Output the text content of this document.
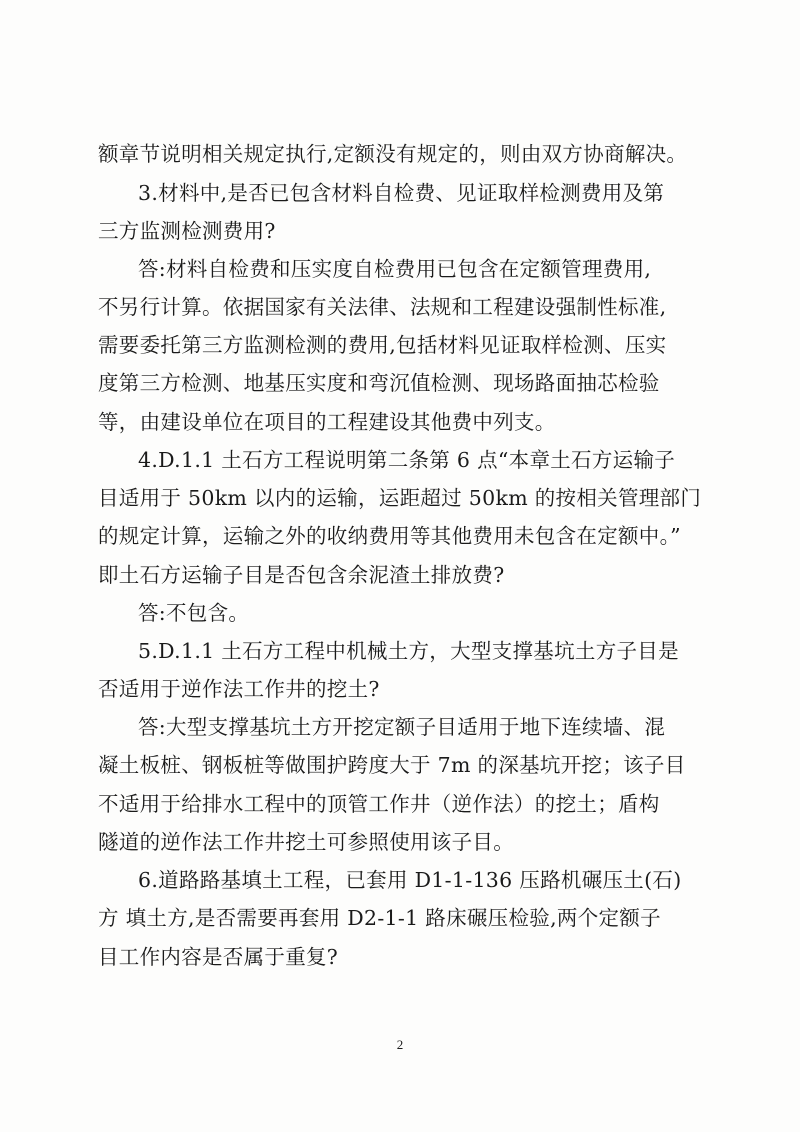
额章节说明相关规定执行,定额没有规定的，则由双方协商解决。
3.材料中,是否已包含材料自检费、见证取样检测费用及第
三方监测检测费用?
答:材料自检费和压实度自检费用已包含在定额管理费用,
不另行计算。依据国家有关法律、法规和工程建设强制性标准,
需要委托第三方监测检测的费用,包括材料见证取样检测、压实
度第三方检测、地基压实度和弯沉值检测、现场路面抽芯检验
等，由建设单位在项目的工程建设其他费中列支。
4.D.1.1 土石方工程说明第二条第 6 点“本章土石方运输子
目适用于 50km 以内的运输，运距超过 50km 的按相关管理部门
的规定计算，运输之外的收纳费用等其他费用未包含在定额中。”
即土石方运输子目是否包含余泥渣土排放费?
答:不包含。
5.D.1.1 土石方工程中机械土方，大型支撑基坑土方子目是
否适用于逆作法工作井的挖土?
答:大型支撑基坑土方开挖定额子目适用于地下连续墙、混
凝土板桩、钢板桩等做围护跨度大于 7m 的深基坑开挖；该子目
不适用于给排水工程中的顶管工作井（逆作法）的挖土；盾构
隧道的逆作法工作井挖土可参照使用该子目。
6.道路路基填土工程，已套用 D1-1-136 压路机碾压土(石)
方 填土方,是否需要再套用 D2-1-1 路床碾压检验,两个定额子
目工作内容是否属于重复?
2
